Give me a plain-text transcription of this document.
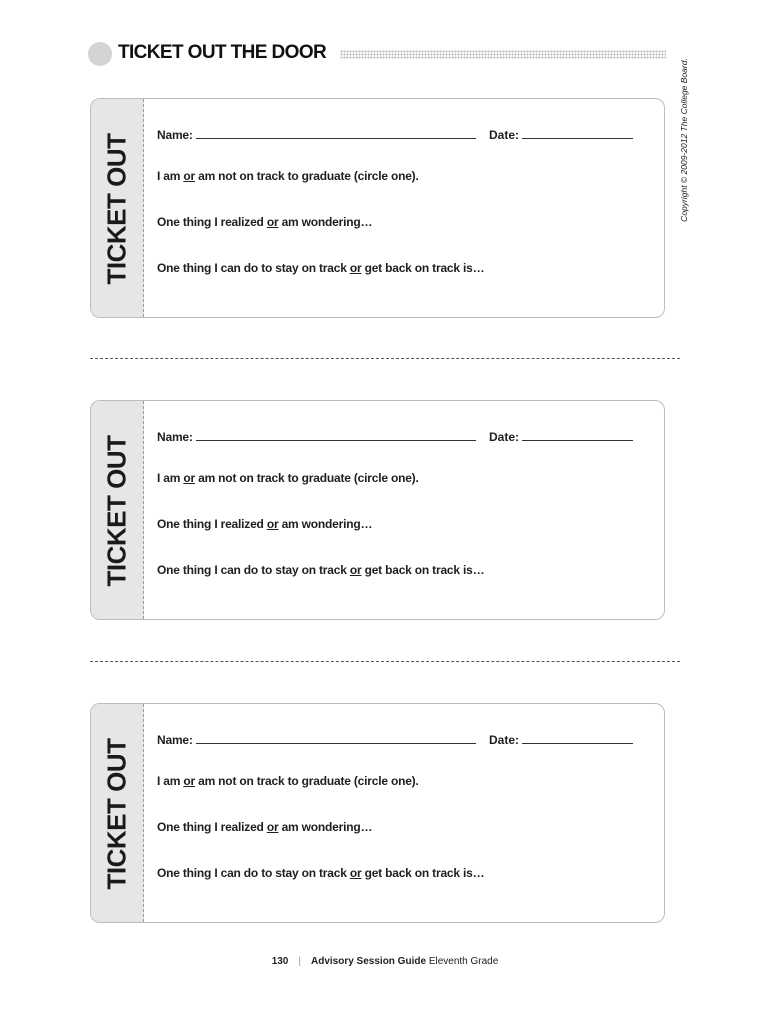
TICKET OUT THE DOOR
Copyright © 2009-2012 The College Board.
TICKET OUT Name:	Date:
I am or am not on track to graduate (circle one).
One thing I realized or am wondering…
One thing I can do to stay on track or get back on track is…
TICKET OUT Name:	Date:
I am or am not on track to graduate (circle one).
One thing I realized or am wondering…
One thing I can do to stay on track or get back on track is…
TICKET OUT Name:	Date:
I am or am not on track to graduate (circle one).
One thing I realized or am wondering…
One thing I can do to stay on track or get back on track is…
130 | Advisory Session Guide Eleventh Grade
